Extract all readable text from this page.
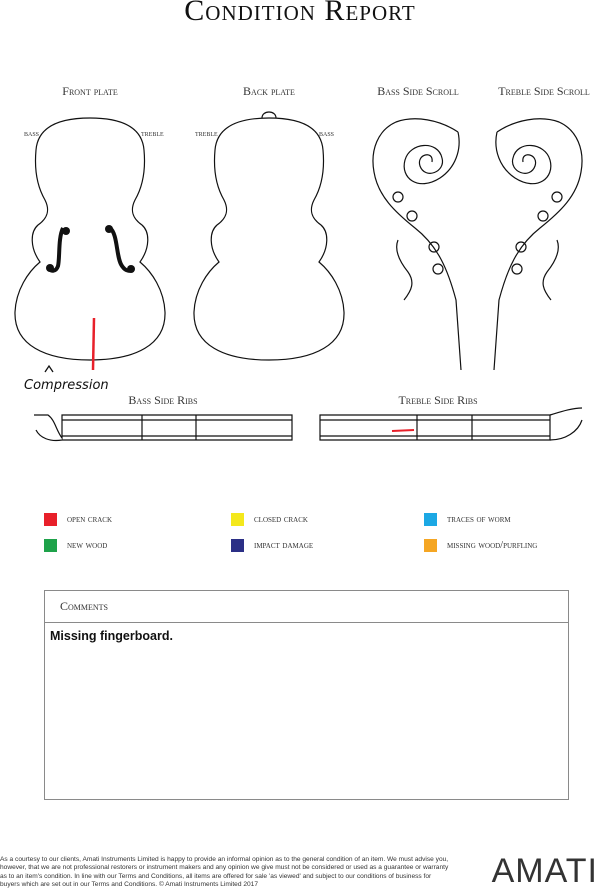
Condition Report
Front plate	Back plate	Bass Side Scroll	Treble Side Scroll
bass	treble	treble	bass
Bass Side Ribs	Treble Side Ribs
Compression
open crack	closed crack	traces of worm
new wood	impact damage	missing wood/purfling
Comments
Missing fingerboard.
As a courtesy to our clients, Amati Instruments Limited is happy to provide an informal opinion as to the general condition of an item. We must advise you, however, that we are not professional restorers or instrument makers and any opinion we give must not be considered or used as a guarantee or warranty as to an item's condition. In line with our Terms and Conditions, all items are offered for sale 'as viewed' and subject to our conditions of business for buyers which are set out in our Terms and Conditions. © Amati Instruments Limited 2017	AMATI
